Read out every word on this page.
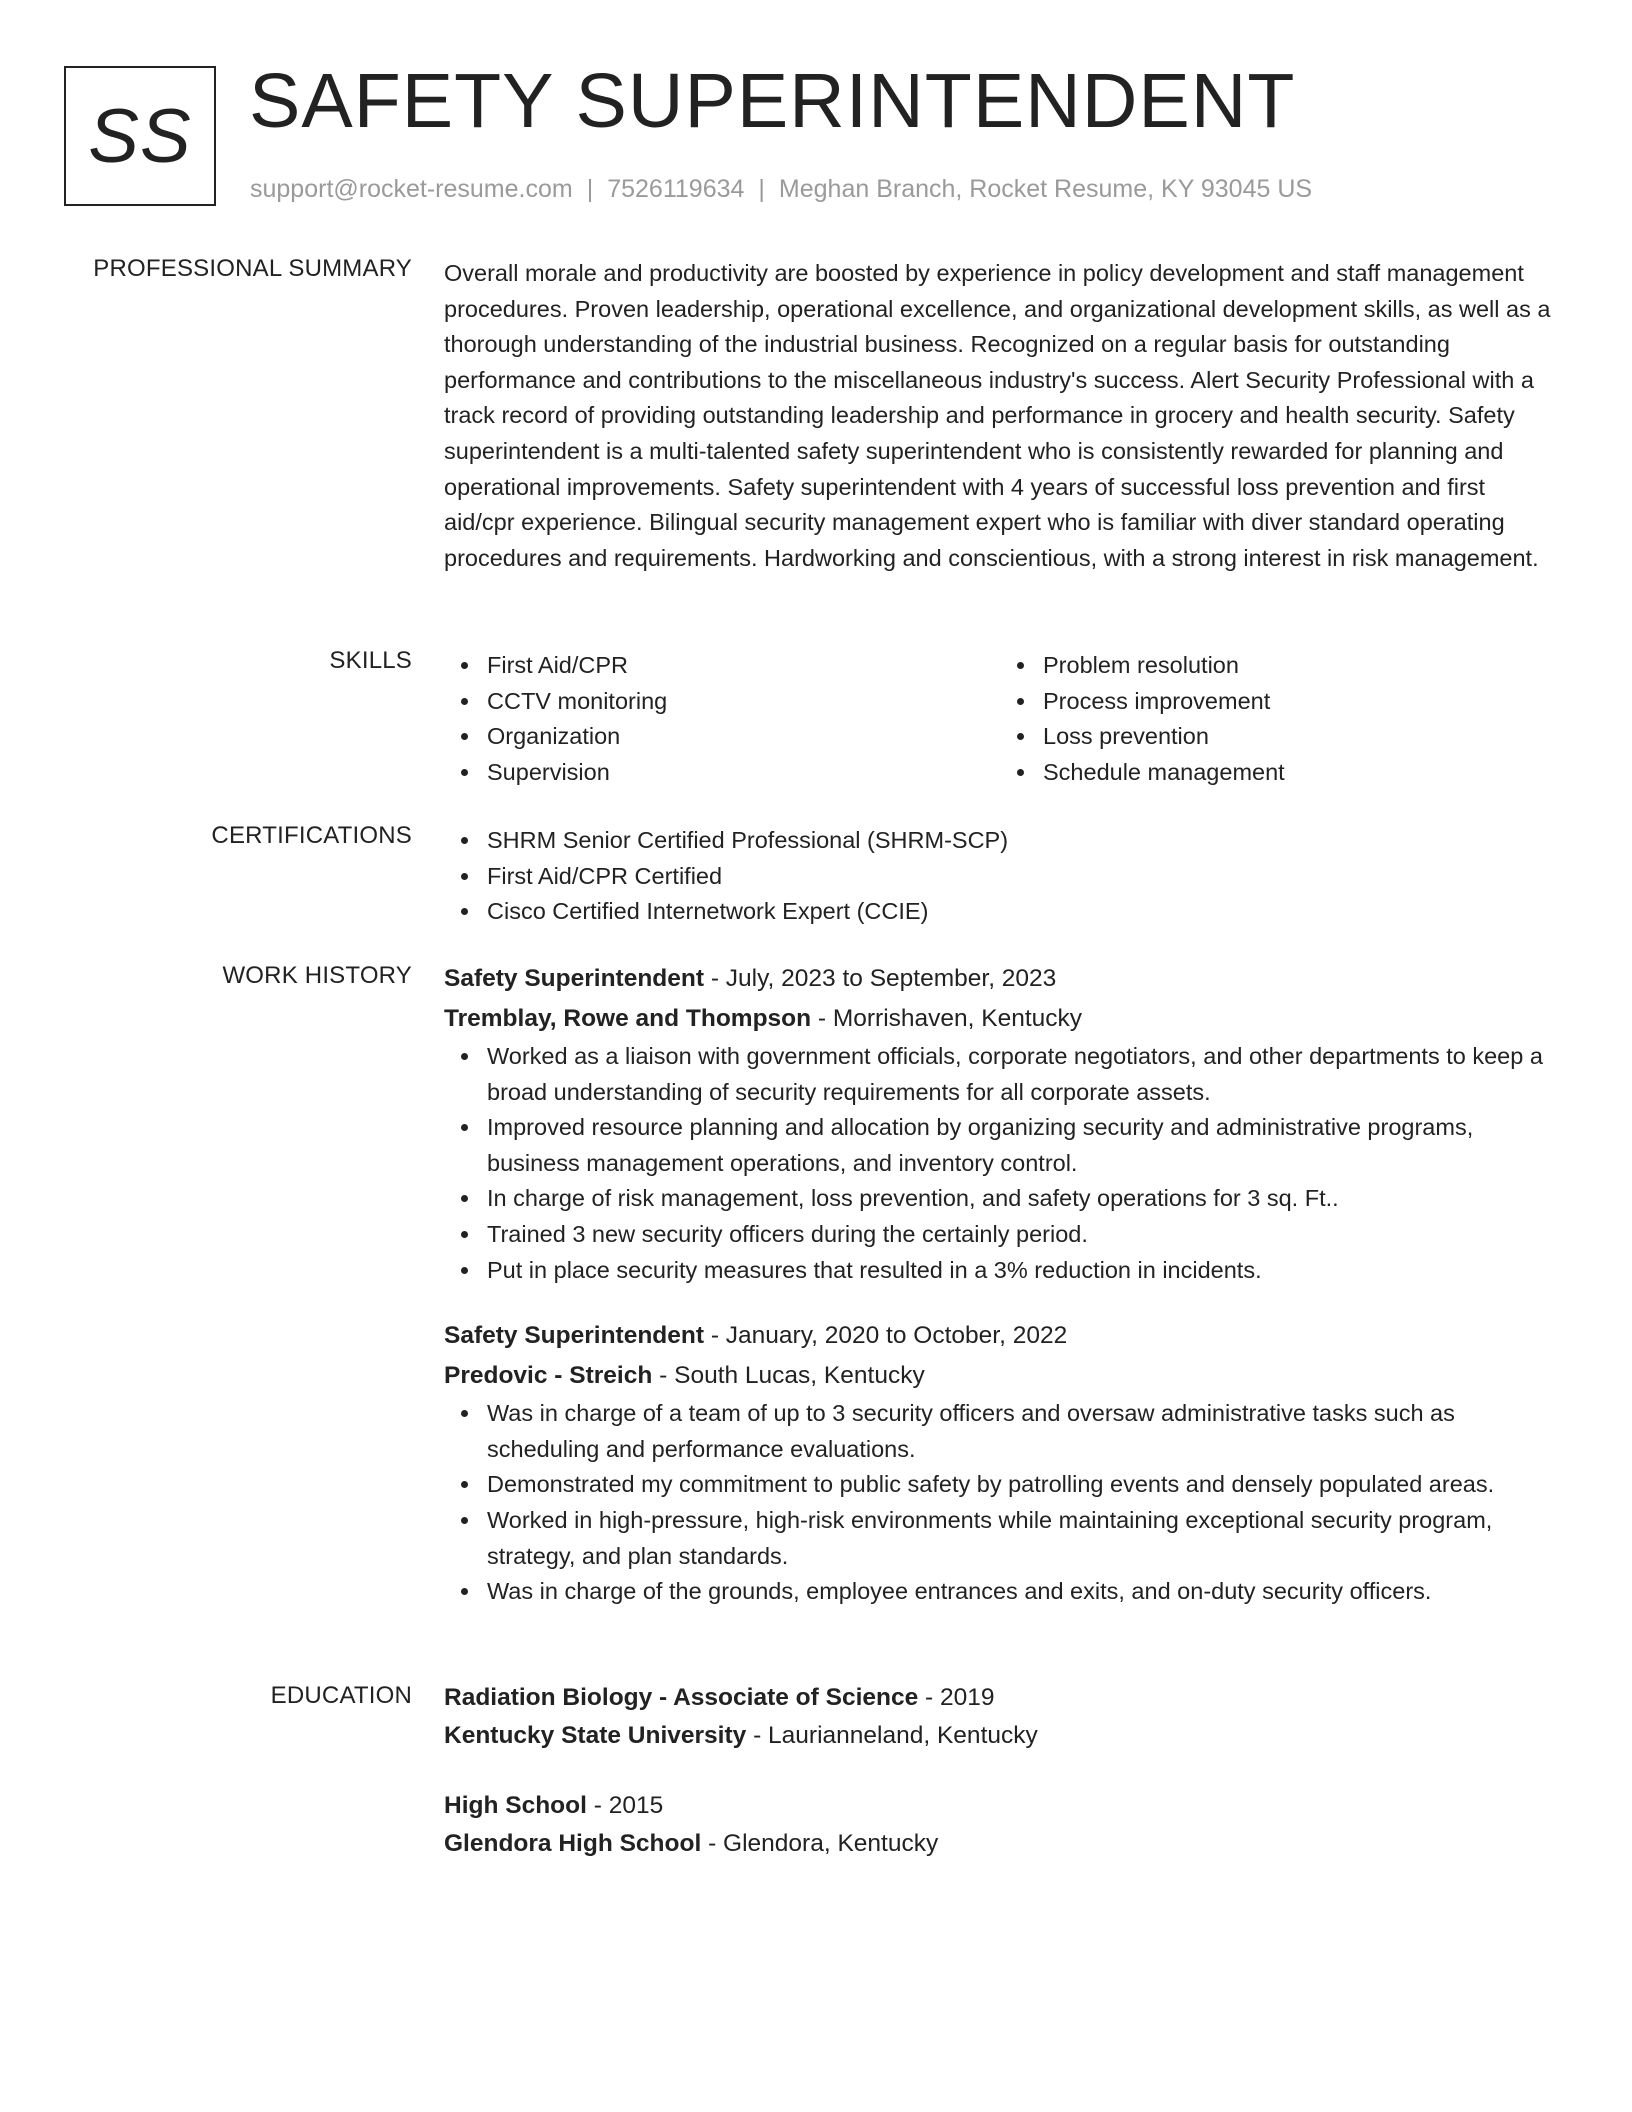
SS SAFETY SUPERINTENDENT
support@rocket-resume.com | 7526119634 | Meghan Branch, Rocket Resume, KY 93045 US
PROFESSIONAL SUMMARY Overall morale and productivity are boosted by experience in policy development and staff management procedures. Proven leadership, operational excellence, and organizational development skills, as well as a thorough understanding of the industrial business. Recognized on a regular basis for outstanding performance and contributions to the miscellaneous industry's success. Alert Security Professional with a track record of providing outstanding leadership and performance in grocery and health security. Safety superintendent is a multi-talented safety superintendent who is consistently rewarded for planning and operational improvements. Safety superintendent with 4 years of successful loss prevention and first aid/cpr experience. Bilingual security management expert who is familiar with diver standard operating procedures and requirements. Hardworking and conscientious, with a strong interest in risk management.
SKILLS	First Aid/CPR
CCTV monitoring
Organization
Supervision
Problem resolution
Process improvement
Loss prevention
Schedule management
CERTIFICATIONS	SHRM Senior Certified Professional (SHRM-SCP)
First Aid/CPR Certified
Cisco Certified Internetwork Expert (CCIE)
WORK HISTORY Safety Superintendent - July, 2023 to September, 2023
Tremblay, Rowe and Thompson - Morrishaven, Kentucky
Worked as a liaison with government officials, corporate negotiators, and other departments to keep a broad understanding of security requirements for all corporate assets.
Improved resource planning and allocation by organizing security and administrative programs, business management operations, and inventory control.
In charge of risk management, loss prevention, and safety operations for 3 sq. Ft..
Trained 3 new security officers during the certainly period.
Put in place security measures that resulted in a 3% reduction in incidents.
Safety Superintendent - January, 2020 to October, 2022
Predovic - Streich - South Lucas, Kentucky
Was in charge of a team of up to 3 security officers and oversaw administrative tasks such as scheduling and performance evaluations.
Demonstrated my commitment to public safety by patrolling events and densely populated areas.
Worked in high-pressure, high-risk environments while maintaining exceptional security program, strategy, and plan standards.
Was in charge of the grounds, employee entrances and exits, and on-duty security officers.
EDUCATION Radiation Biology - Associate of Science - 2019
Kentucky State University - Laurianneland, Kentucky
High School - 2015
Glendora High School - Glendora, Kentucky
